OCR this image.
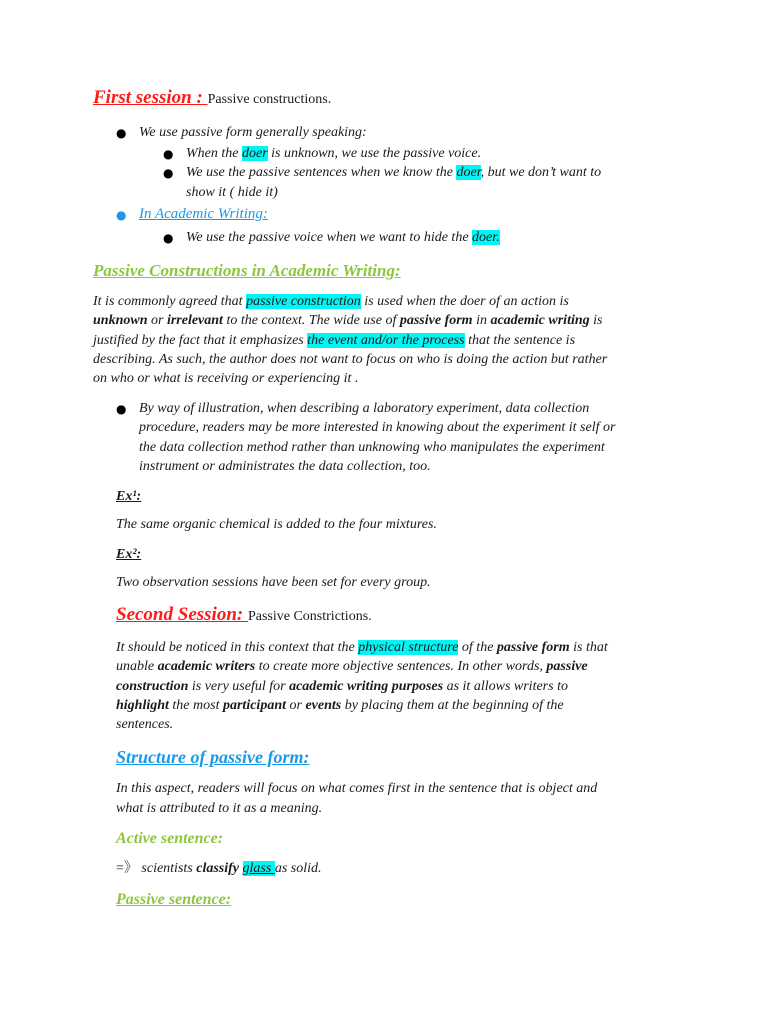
First session : Passive constructions.
● We use passive form generally speaking:
● When the doer is unknown, we use the passive voice.
● We use the passive sentences when we know the doer, but we don’t want to
show it ( hide it)
● In Academic Writing:
● We use the passive voice when we want to hide the doer.
Passive Constructions in Academic Writing:
It is commonly agreed that passive construction is used when the doer of an action is
unknown or irrelevant to the context. The wide use of passive form in academic writing is
justified by the fact that it emphasizes the event and/or the process that the sentence is
describing. As such, the author does not want to focus on who is doing the action but rather
on who or what is receiving or experiencing it .
● By way of illustration, when describing a laboratory experiment, data collection
procedure, readers may be more interested in knowing about the experiment it self or
the data collection method rather than unknowing who manipulates the experiment
instrument or administrates the data collection, too.
Ex¹:
The same organic chemical is added to the four mixtures.
Ex²:
Two observation sessions have been set for every group.
Second Session: Passive Constrictions.
It should be noticed in this context that the physical structure of the passive form is that
unable academic writers to create more objective sentences. In other words, passive
construction is very useful for academic writing purposes as it allows writers to
highlight the most participant or events by placing them at the beginning of the
sentences.
Structure of passive form:
In this aspect, readers will focus on what comes first in the sentence that is object and
what is attributed to it as a meaning.
Active sentence:
=》 scientists classify glass as solid.
Passive sentence:
